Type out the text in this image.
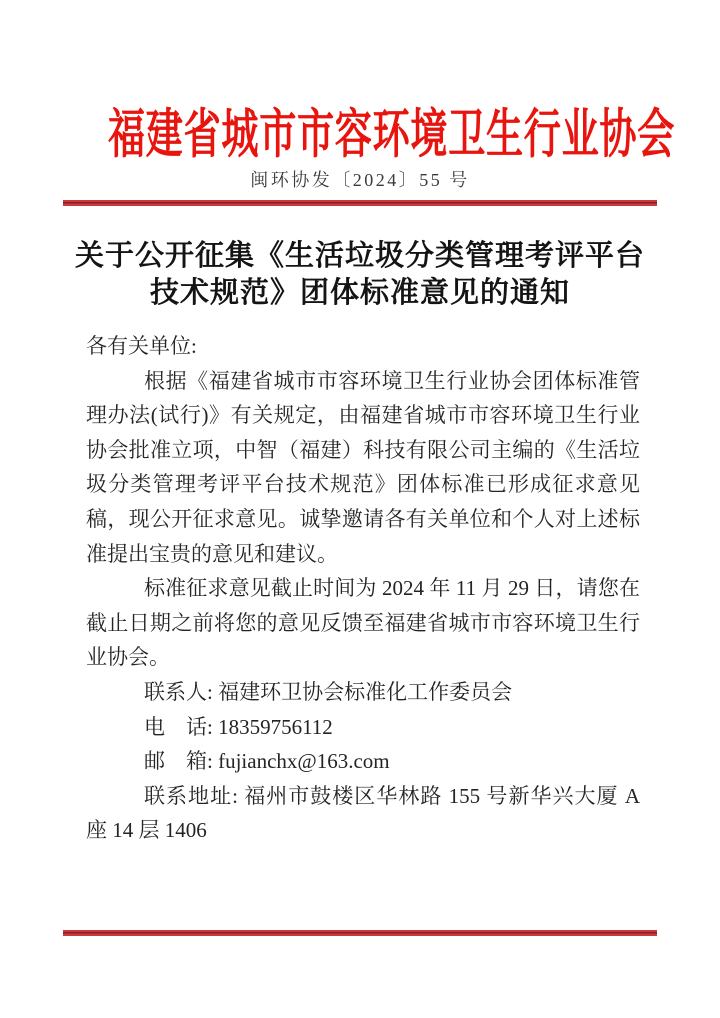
福建省城市市容环境卫生行业协会
闽环协发〔2024〕55 号
关于公开征集《生活垃圾分类管理考评平台
技术规范》团体标准意见的通知

各有关单位:

根据《福建省城市市容环境卫生行业协会团体标准管理办法(试行)》有关规定，由福建省城市市容环境卫生行业协会批准立项，中智（福建）科技有限公司主编的《生活垃圾分类管理考评平台技术规范》团体标准已形成征求意见稿，现公开征求意见。诚挚邀请各有关单位和个人对上述标准提出宝贵的意见和建议。

标准征求意见截止时间为 2024 年 11 月 29 日，请您在截止日期之前将您的意见反馈至福建省城市市容环境卫生行业协会。

联系人: 福建环卫协会标准化工作委员会

电　话: 18359756112

邮　箱: fujianchx@163.com

联系地址: 福州市鼓楼区华林路 155 号新华兴大厦 A 座 14 层 1406
